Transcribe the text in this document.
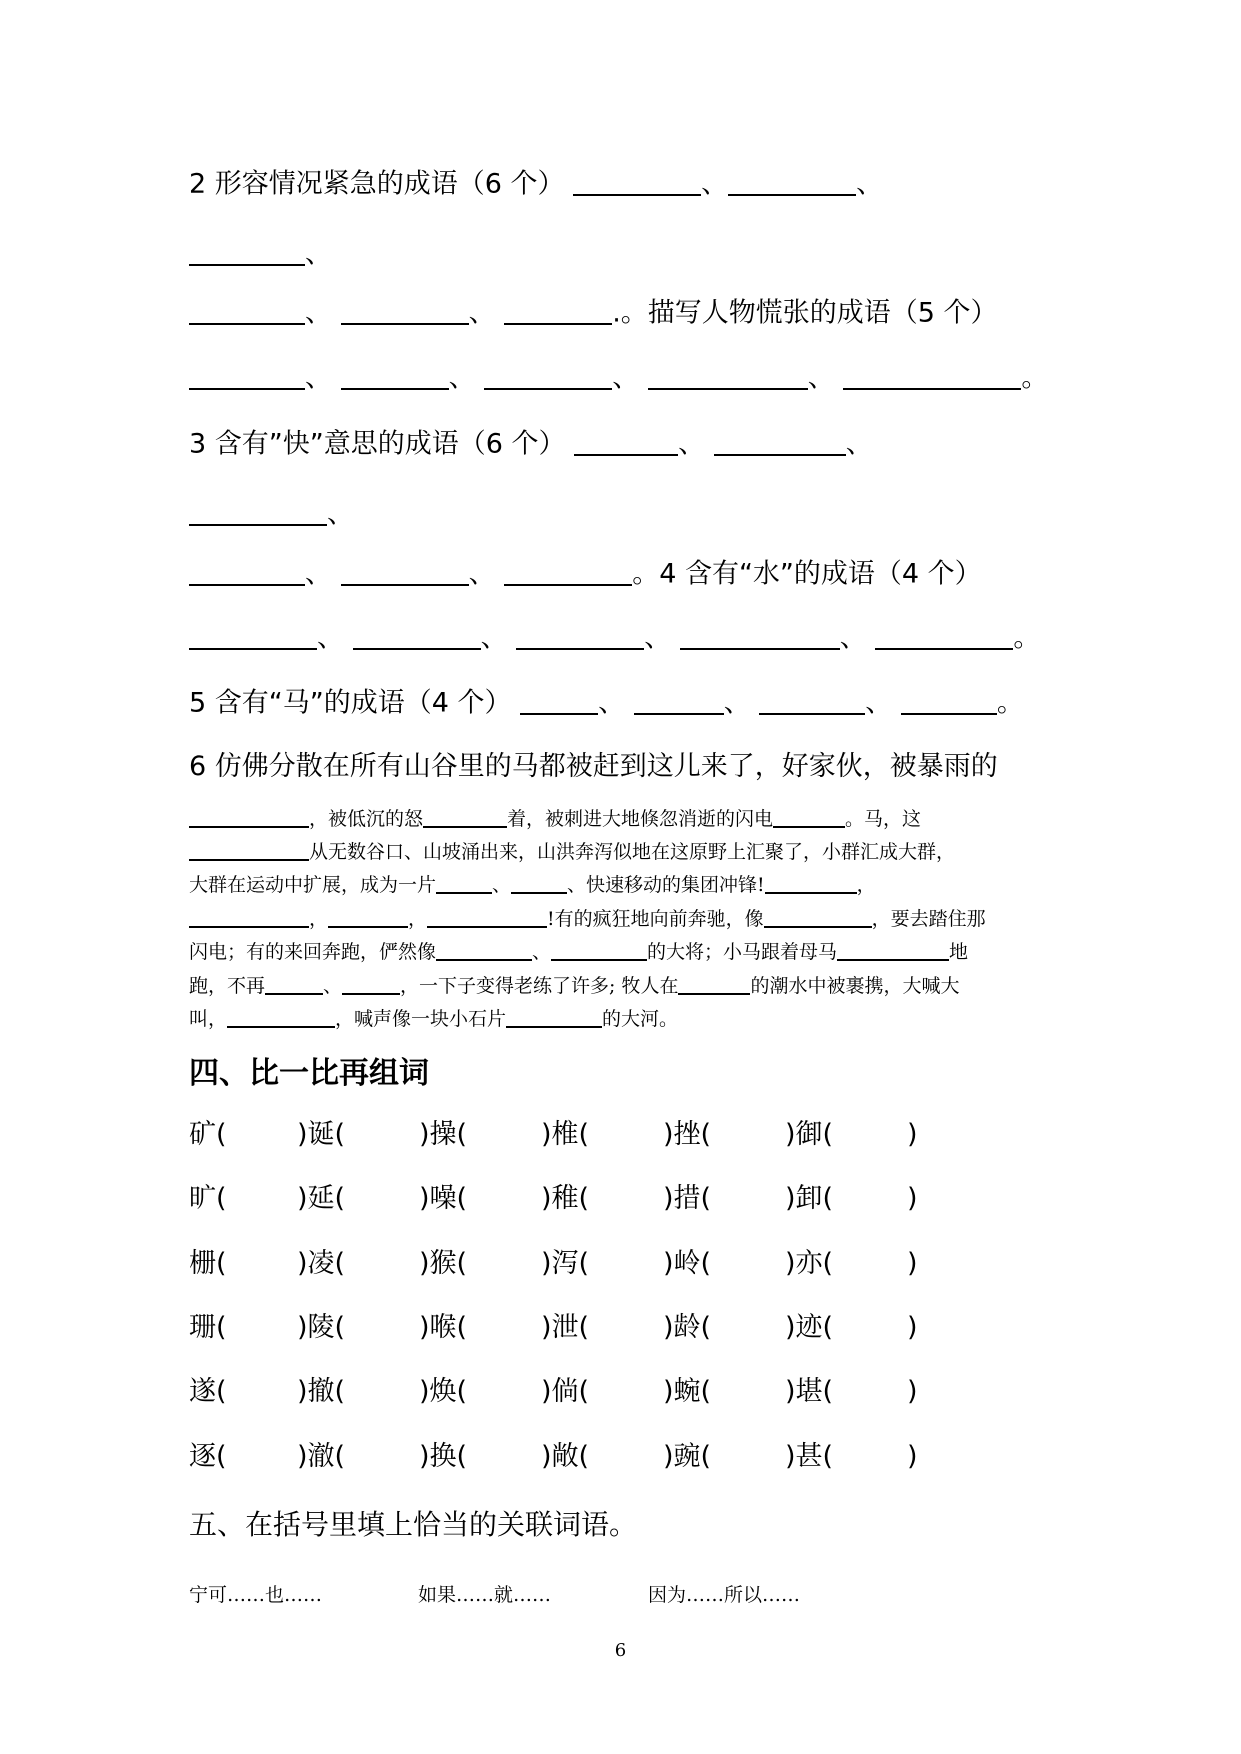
2 形容情况紧急的成语（6 个）	、	、
、
、	、	.。描写人物慌张的成语（5 个）
、	、	、	、	。
3 含有”快”意思的成语（6 个）	、	、
、
、	、	。4 含有“水”的成语（4 个）
、	、	、	、	。
5 含有“马”的成语（4 个）	、	、	、	。
6 仿佛分散在所有山谷里的马都被赶到这儿来了，好家伙，被暴雨的
，被低沉的怒	着，被刺进大地倏忽消逝的闪电	。马，这
从无数谷口、山坡涌出来，山洪奔泻似地在这原野上汇聚了，小群汇成大群，
大群在运动中扩展，成为一片	、	、快速移动的集团冲锋!	，
，	，	!有的疯狂地向前奔驰，像	，要去踏住那
闪电；有的来回奔跑，俨然像	、	的大将；小马跟着母马	地
跑，不再	、	，一下子变得老练了许多; 牧人在	的潮水中被裹携，大喊大
叫，	，喊声像一块小石片	的大河。
四、比一比再组词
矿(	)诞(	)操(	)椎(	)挫(	)御(	)
旷(	)延(	)噪(	)稚(	)措(	)卸(	)
栅(	)凌(	)猴(	)泻(	)岭(	)亦(	)
珊(	)陵(	)喉(	)泄(	)龄(	)迹(	)
遂(	)撤(	)焕(	)倘(	)蜿(	)堪(	)
逐(	)澈(	)换(	)敞(	)豌(	)甚(	)
五、在括号里填上恰当的关联词语。
宁可……也……	如果……就……	因为……所以……
6
